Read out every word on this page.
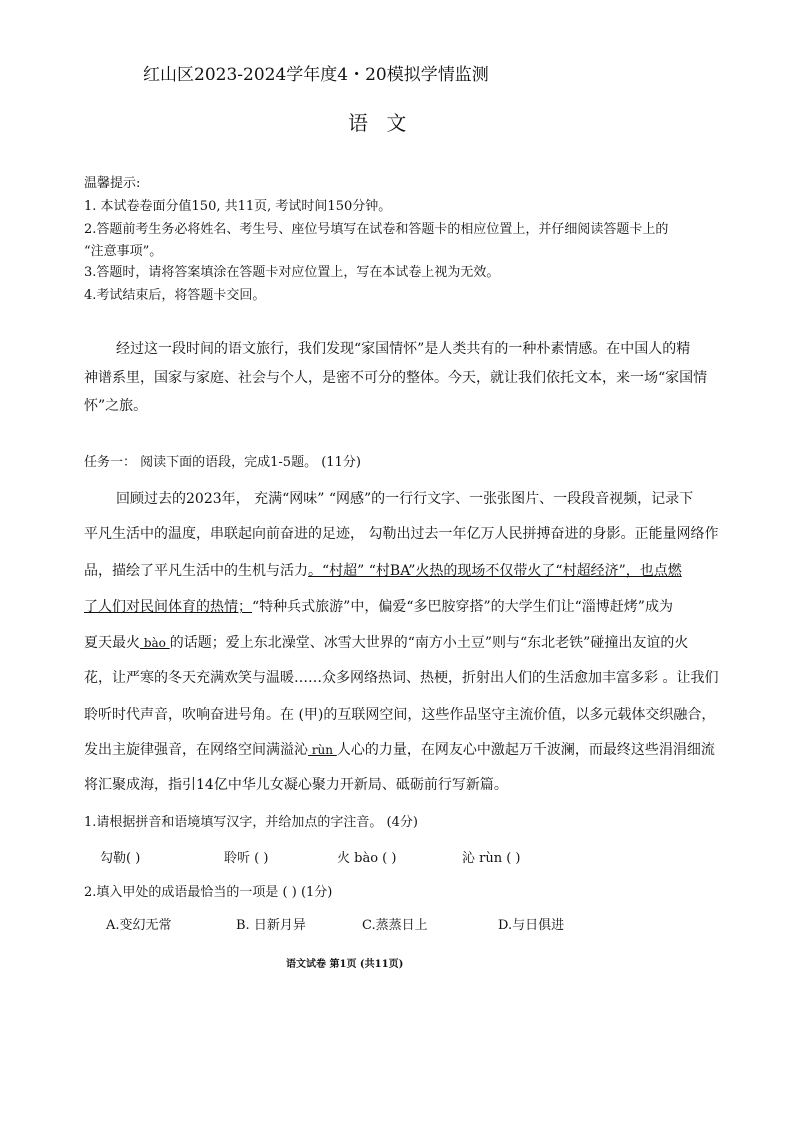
红山区2023-2024学年度4・20模拟学情监测
语 文
温馨提示:
1. 本试卷卷面分值150, 共11页, 考试时间150分钟。
2.答题前考生务必将姓名、考生号、座位号填写在试卷和答题卡的相应位置上，并仔细阅读答题卡上的
“注意事项”。
3.答题时，请将答案填涂在答题卡对应位置上，写在本试卷上视为无效。
4.考试结束后，将答题卡交回。
经过这一段时间的语文旅行，我们发现“家国情怀”是人类共有的一种朴素情感。在中国人的精
神谱系里，国家与家庭、社会与个人，是密不可分的整体。今天，就让我们依托文本，来一场“家国情
怀”之旅。
任务一： 阅读下面的语段，完成1-5题。 (11分)
回顾过去的2023年， 充满“网味” “网感”的一行行文字、一张张图片、一段段音视频，记录下
平凡生活中的温度，串联起向前奋进的足迹， 勾勒出过去一年亿万人民拼搏奋进的身影。正能量网络作
品，描绘了平凡生活中的生机与活力。“村超” “村BA”火热的现场不仅带火了“村超经济”，也点燃
了人们对民间体育的热情；“特种兵式旅游”中，偏爱“多巴胺穿搭”的大学生们让“淄博赶烤”成为
夏天最火 bào 的话题；爱上东北澡堂、冰雪大世界的“南方小土豆”则与“东北老铁”碰撞出友谊的火
花，让严寒的冬天充满欢笑与温暖……众多网络热词、热梗，折射出人们的生活愈加丰富多彩 。让我们
聆听时代声音，吹响奋进号角。在 (甲)的互联网空间，这些作品坚守主流价值，以多元载体交织融合，
发出主旋律强音，在网络空间满溢沁 rùn 人心的力量，在网友心中激起万千波澜，而最终这些涓涓细流
将汇聚成海，指引14亿中华儿女凝心聚力开新局、砥砺前行写新篇。
1.请根据拼音和语境填写汉字，并给加点的字注音。 (4分)
勾勒( )	聆听 ( )	火 bào ( )	沁 rùn ( )
2.填入甲处的成语最恰当的一项是 ( ) (1分)
A.变幻无常	B. 日新月异	C.蒸蒸日上	D.与日俱进
语文试卷 第1页 (共11页)
